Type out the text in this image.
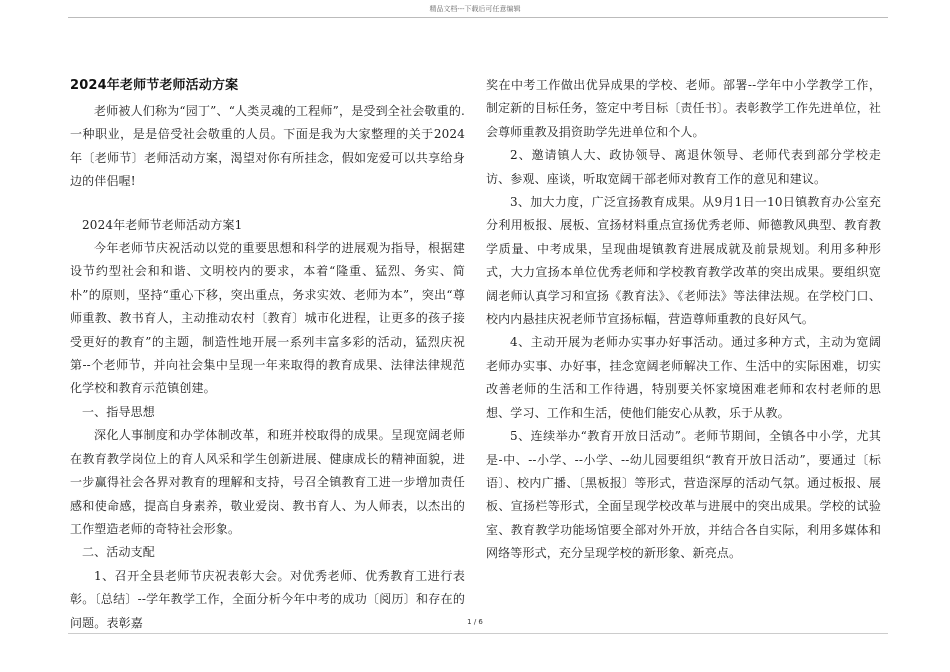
精品文档---下载后可任意编辑
2024年老师节老师活动方案

老师被人们称为“园丁”、“人类灵魂的工程师”，是受到全社会敬重的.一种职业，是是倍受社会敬重的人员。下面是我为大家整理的关于2024年〔老师节〕老师活动方案，渴望对你有所挂念，假如宠爱可以共享给身边的伴侣喔!

2024年老师节老师活动方案1

今年老师节庆祝活动以党的重要思想和科学的进展观为指导，根据建设节约型社会和和谐、文明校内的要求，本着“隆重、猛烈、务实、简朴”的原则，坚持“重心下移，突出重点，务求实效、老师为本”，突出“尊师重教、教书育人，主动推动农村〔教育〕城市化进程，让更多的孩子接受更好的教育”的主题，制造性地开展一系列丰富多彩的活动，猛烈庆祝第--个老师节，并向社会集中呈现一年来取得的教育成果、法律法律规范化学校和教育示范镇创建。

一、指导思想

深化人事制度和办学体制改革，和班并校取得的成果。呈现宽阔老师在教育教学岗位上的育人风采和学生创新进展、健康成长的精神面貌，进一步赢得社会各界对教育的理解和支持，号召全镇教育工进一步增加责任感和使命感，提高自身素养，敬业爱岗、教书育人、为人师表，以杰出的工作塑造老师的奇特社会形象。

二、活动支配

1、召开全县老师节庆祝表彰大会。对优秀老师、优秀教育工进行表彰。〔总结〕--学年教学工作，全面分析今年中考的成功〔阅历〕和存在的问题。表彰嘉

奖在中考工作做出优异成果的学校、老师。部署--学年中小学教学工作，制定新的目标任务，签定中考目标〔责任书〕。表彰教学工作先进单位，社会尊师重教及捐资助学先进单位和个人。

2、邀请镇人大、政协领导、离退休领导、老师代表到部分学校走访、参观、座谈，听取宽阔干部老师对教育工作的意见和建议。

3、加大力度，广泛宣扬教育成果。从9月1日一10日镇教育办公室充分利用板报、展板、宣扬材料重点宣扬优秀老师、师德教风典型、教育教学质量、中考成果，呈现曲堤镇教育进展成就及前景规划。利用多种形式，大力宣扬本单位优秀老师和学校教育教学改革的突出成果。要组织宽阔老师认真学习和宣扬《教育法》、《老师法》等法律法规。在学校门口、校内内悬挂庆祝老师节宣扬标幅，营造尊师重教的良好风气。

4、主动开展为老师办实事办好事活动。通过多种方式，主动为宽阔老师办实事、办好事，挂念宽阔老师解决工作、生活中的实际困难，切实改善老师的生活和工作待遇，特别要关怀家境困难老师和农村老师的思想、学习、工作和生活，使他们能安心从教，乐于从教。

5、连续举办“教育开放日活动”。老师节期间，全镇各中小学，尤其是-中、--小学、--小学、--幼儿园要组织“教育开放日活动”，要通过〔标语〕、校内广播、〔黑板报〕等形式，营造深厚的活动气氛。通过板报、展板、宣扬栏等形式，全面呈现学校改革与进展中的突出成果。学校的试验室、教育教学功能场馆要全部对外开放，并结合各自实际，利用多媒体和网络等形式，充分呈现学校的新形象、新亮点。

1 / 6
